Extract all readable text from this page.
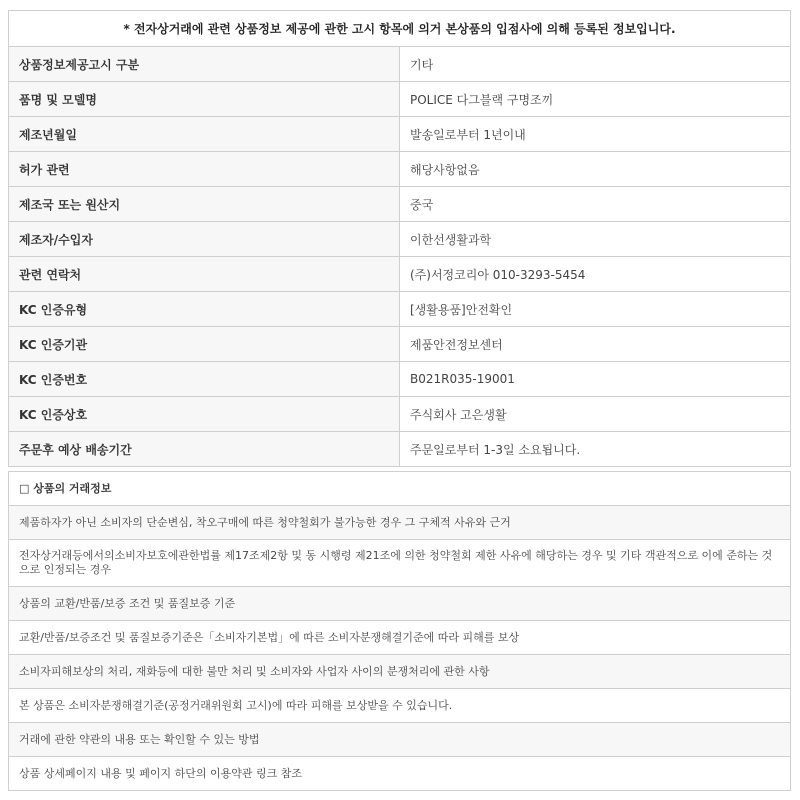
* 전자상거래에 관련 상품정보 제공에 관한 고시 항목에 의거 본상품의 입점사에 의해 등록된 정보입니다.	
상품정보제공고시 구분	기타
품명 및 모델명	POLICE 다그블랙 구명조끼
제조년월일	발송일로부터 1년이내
허가 관련	해당사항없음
제조국 또는 원산지	중국
제조자/수입자	이한선생활과학
관련 연락처	(주)서정코리아 010-3293-5454
KC 인증유형	[생활용품]안전확인
KC 인증기관	제품안전정보센터
KC 인증번호	B021R035-19001
KC 인증상호	주식회사 고은생활
주문후 예상 배송기간	주문일로부터 1-3일 소요됩니다.
□ 상품의 거래정보
제품하자가 아닌 소비자의 단순변심, 착오구매에 따른 청약철회가 불가능한 경우 그 구체적 사유와 근거
전자상거래등에서의소비자보호에관한법률 제17조제2항 및 동 시행령 제21조에 의한 청약철회 제한 사유에 해당하는 경우 및 기타 객관적으로 이에 준하는 것으로 인정되는 경우
상품의 교환/반품/보증 조건 및 품질보증 기준
교환/반품/보증조건 및 품질보증기준은「소비자기본법」에 따른 소비자분쟁해결기준에 따라 피해를 보상
소비자피해보상의 처리, 재화등에 대한 불만 처리 및 소비자와 사업자 사이의 분쟁처리에 관한 사항
본 상품은 소비자분쟁해결기준(공정거래위원회 고시)에 따라 피해를 보상받을 수 있습니다.
거래에 관한 약관의 내용 또는 확인할 수 있는 방법
상품 상세페이지 내용 및 페이지 하단의 이용약관 링크 참조
